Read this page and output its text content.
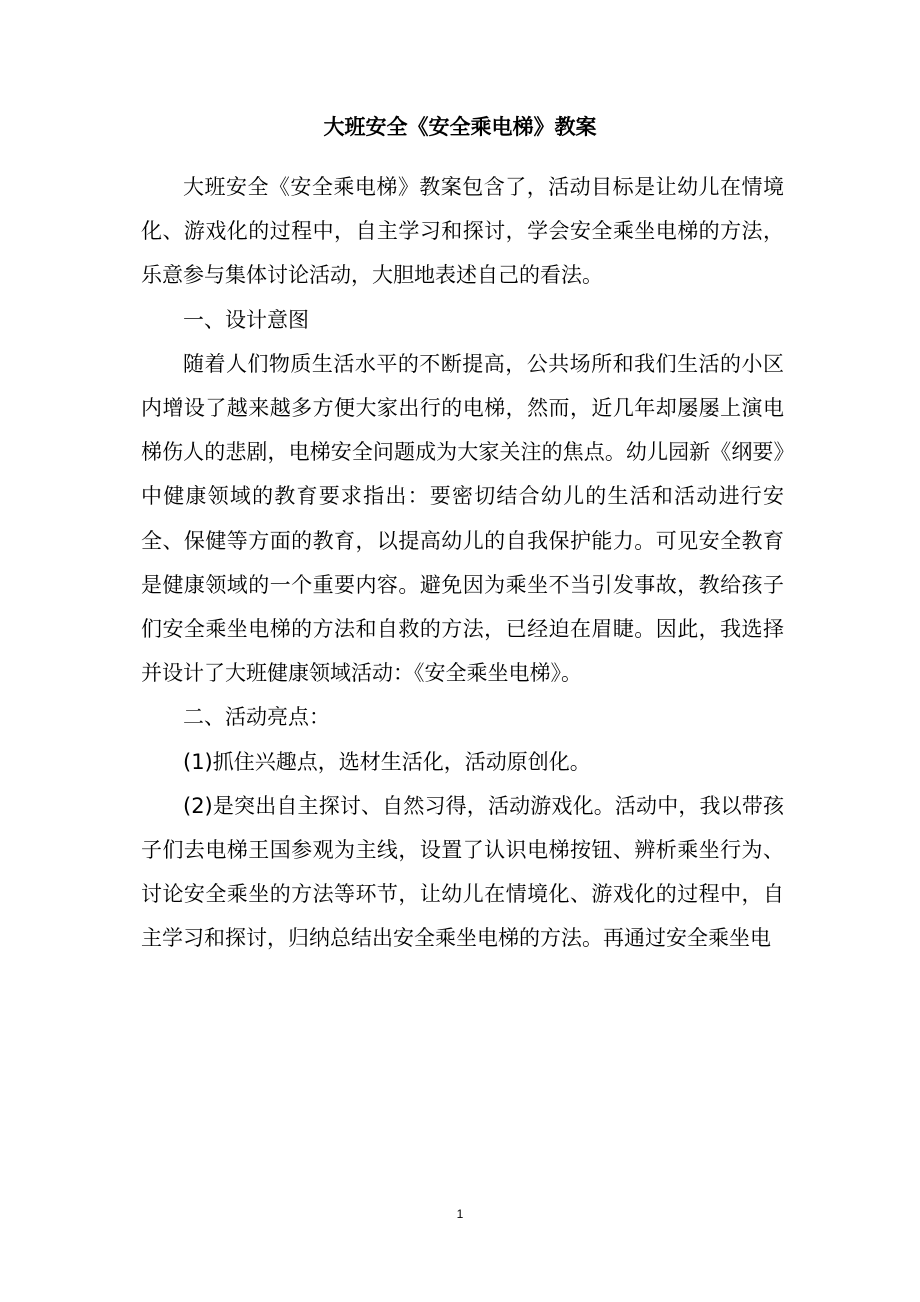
大班安全《安全乘电梯》教案

大班安全《安全乘电梯》教案包含了，活动目标是让幼儿在情境化、游戏化的过程中，自主学习和探讨，学会安全乘坐电梯的方法，乐意参与集体讨论活动，大胆地表述自己的看法。

一、设计意图

随着人们物质生活水平的不断提高，公共场所和我们生活的小区内增设了越来越多方便大家出行的电梯，然而，近几年却屡屡上演电梯伤人的悲剧，电梯安全问题成为大家关注的焦点。幼儿园新《纲要》中健康领域的教育要求指出：要密切结合幼儿的生活和活动进行安全、保健等方面的教育，以提高幼儿的自我保护能力。可见安全教育是健康领域的一个重要内容。避免因为乘坐不当引发事故，教给孩子们安全乘坐电梯的方法和自救的方法，已经迫在眉睫。因此，我选择并设计了大班健康领域活动：《安全乘坐电梯》。

二、活动亮点：

(1)抓住兴趣点，选材生活化，活动原创化。

(2)是突出自主探讨、自然习得，活动游戏化。活动中，我以带孩子们去电梯王国参观为主线，设置了认识电梯按钮、辨析乘坐行为、讨论安全乘坐的方法等环节，让幼儿在情境化、游戏化的过程中，自主学习和探讨，归纳总结出安全乘坐电梯的方法。再通过安全乘坐电

1
